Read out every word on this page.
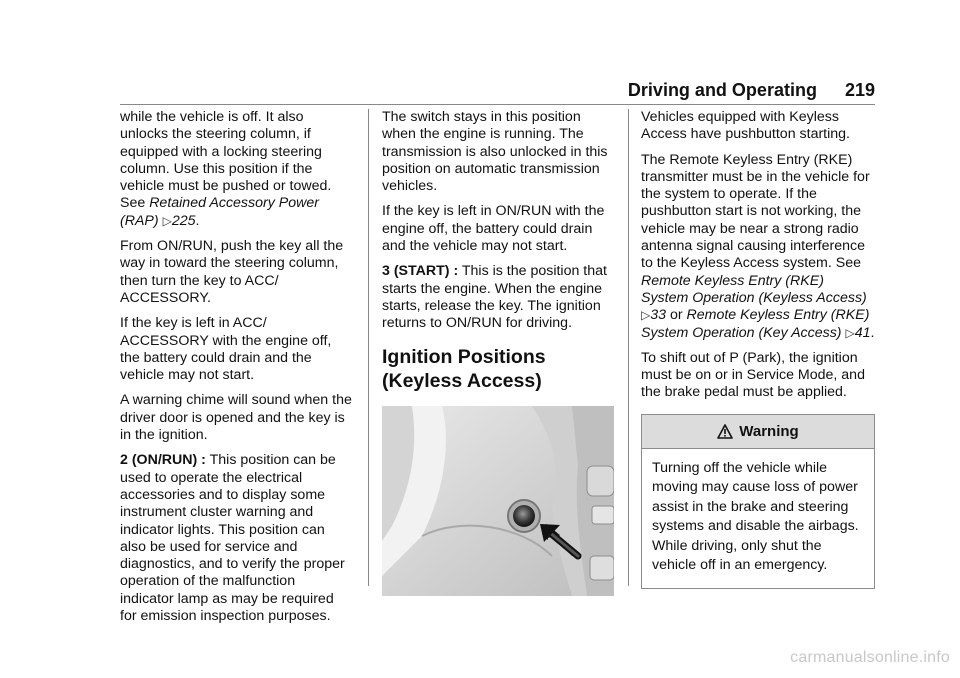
Driving and Operating 219

while the vehicle is off. It also unlocks the steering column, if equipped with a locking steering column. Use this position if the vehicle must be pushed or towed. See Retained Accessory Power (RAP) ▷225.

From ON/RUN, push the key all the way in toward the steering column, then turn the key to ACC/ ACCESSORY.

If the key is left in ACC/ ACCESSORY with the engine off, the battery could drain and the vehicle may not start.

A warning chime will sound when the driver door is opened and the key is in the ignition.

2 (ON/RUN) : This position can be used to operate the electrical accessories and to display some instrument cluster warning and indicator lights. This position can also be used for service and diagnostics, and to verify the proper operation of the malfunction indicator lamp as may be required for emission inspection purposes.

The switch stays in this position when the engine is running. The transmission is also unlocked in this position on automatic transmission vehicles.

If the key is left in ON/RUN with the engine off, the battery could drain and the vehicle may not start.

3 (START) : This is the position that starts the engine. When the engine starts, release the key. The ignition returns to ON/RUN for driving.

Ignition Positions (Keyless Access)

Vehicles equipped with Keyless Access have pushbutton starting.

The Remote Keyless Entry (RKE) transmitter must be in the vehicle for the system to operate. If the pushbutton start is not working, the vehicle may be near a strong radio antenna signal causing interference to the Keyless Access system. See Remote Keyless Entry (RKE) System Operation (Keyless Access) ▷33 or Remote Keyless Entry (RKE) System Operation (Key Access) ▷41.

To shift out of P (Park), the ignition must be on or in Service Mode, and the brake pedal must be applied.

Warning
Turning off the vehicle while moving may cause loss of power assist in the brake and steering systems and disable the airbags. While driving, only shut the vehicle off in an emergency.
carmanualsonline.info
